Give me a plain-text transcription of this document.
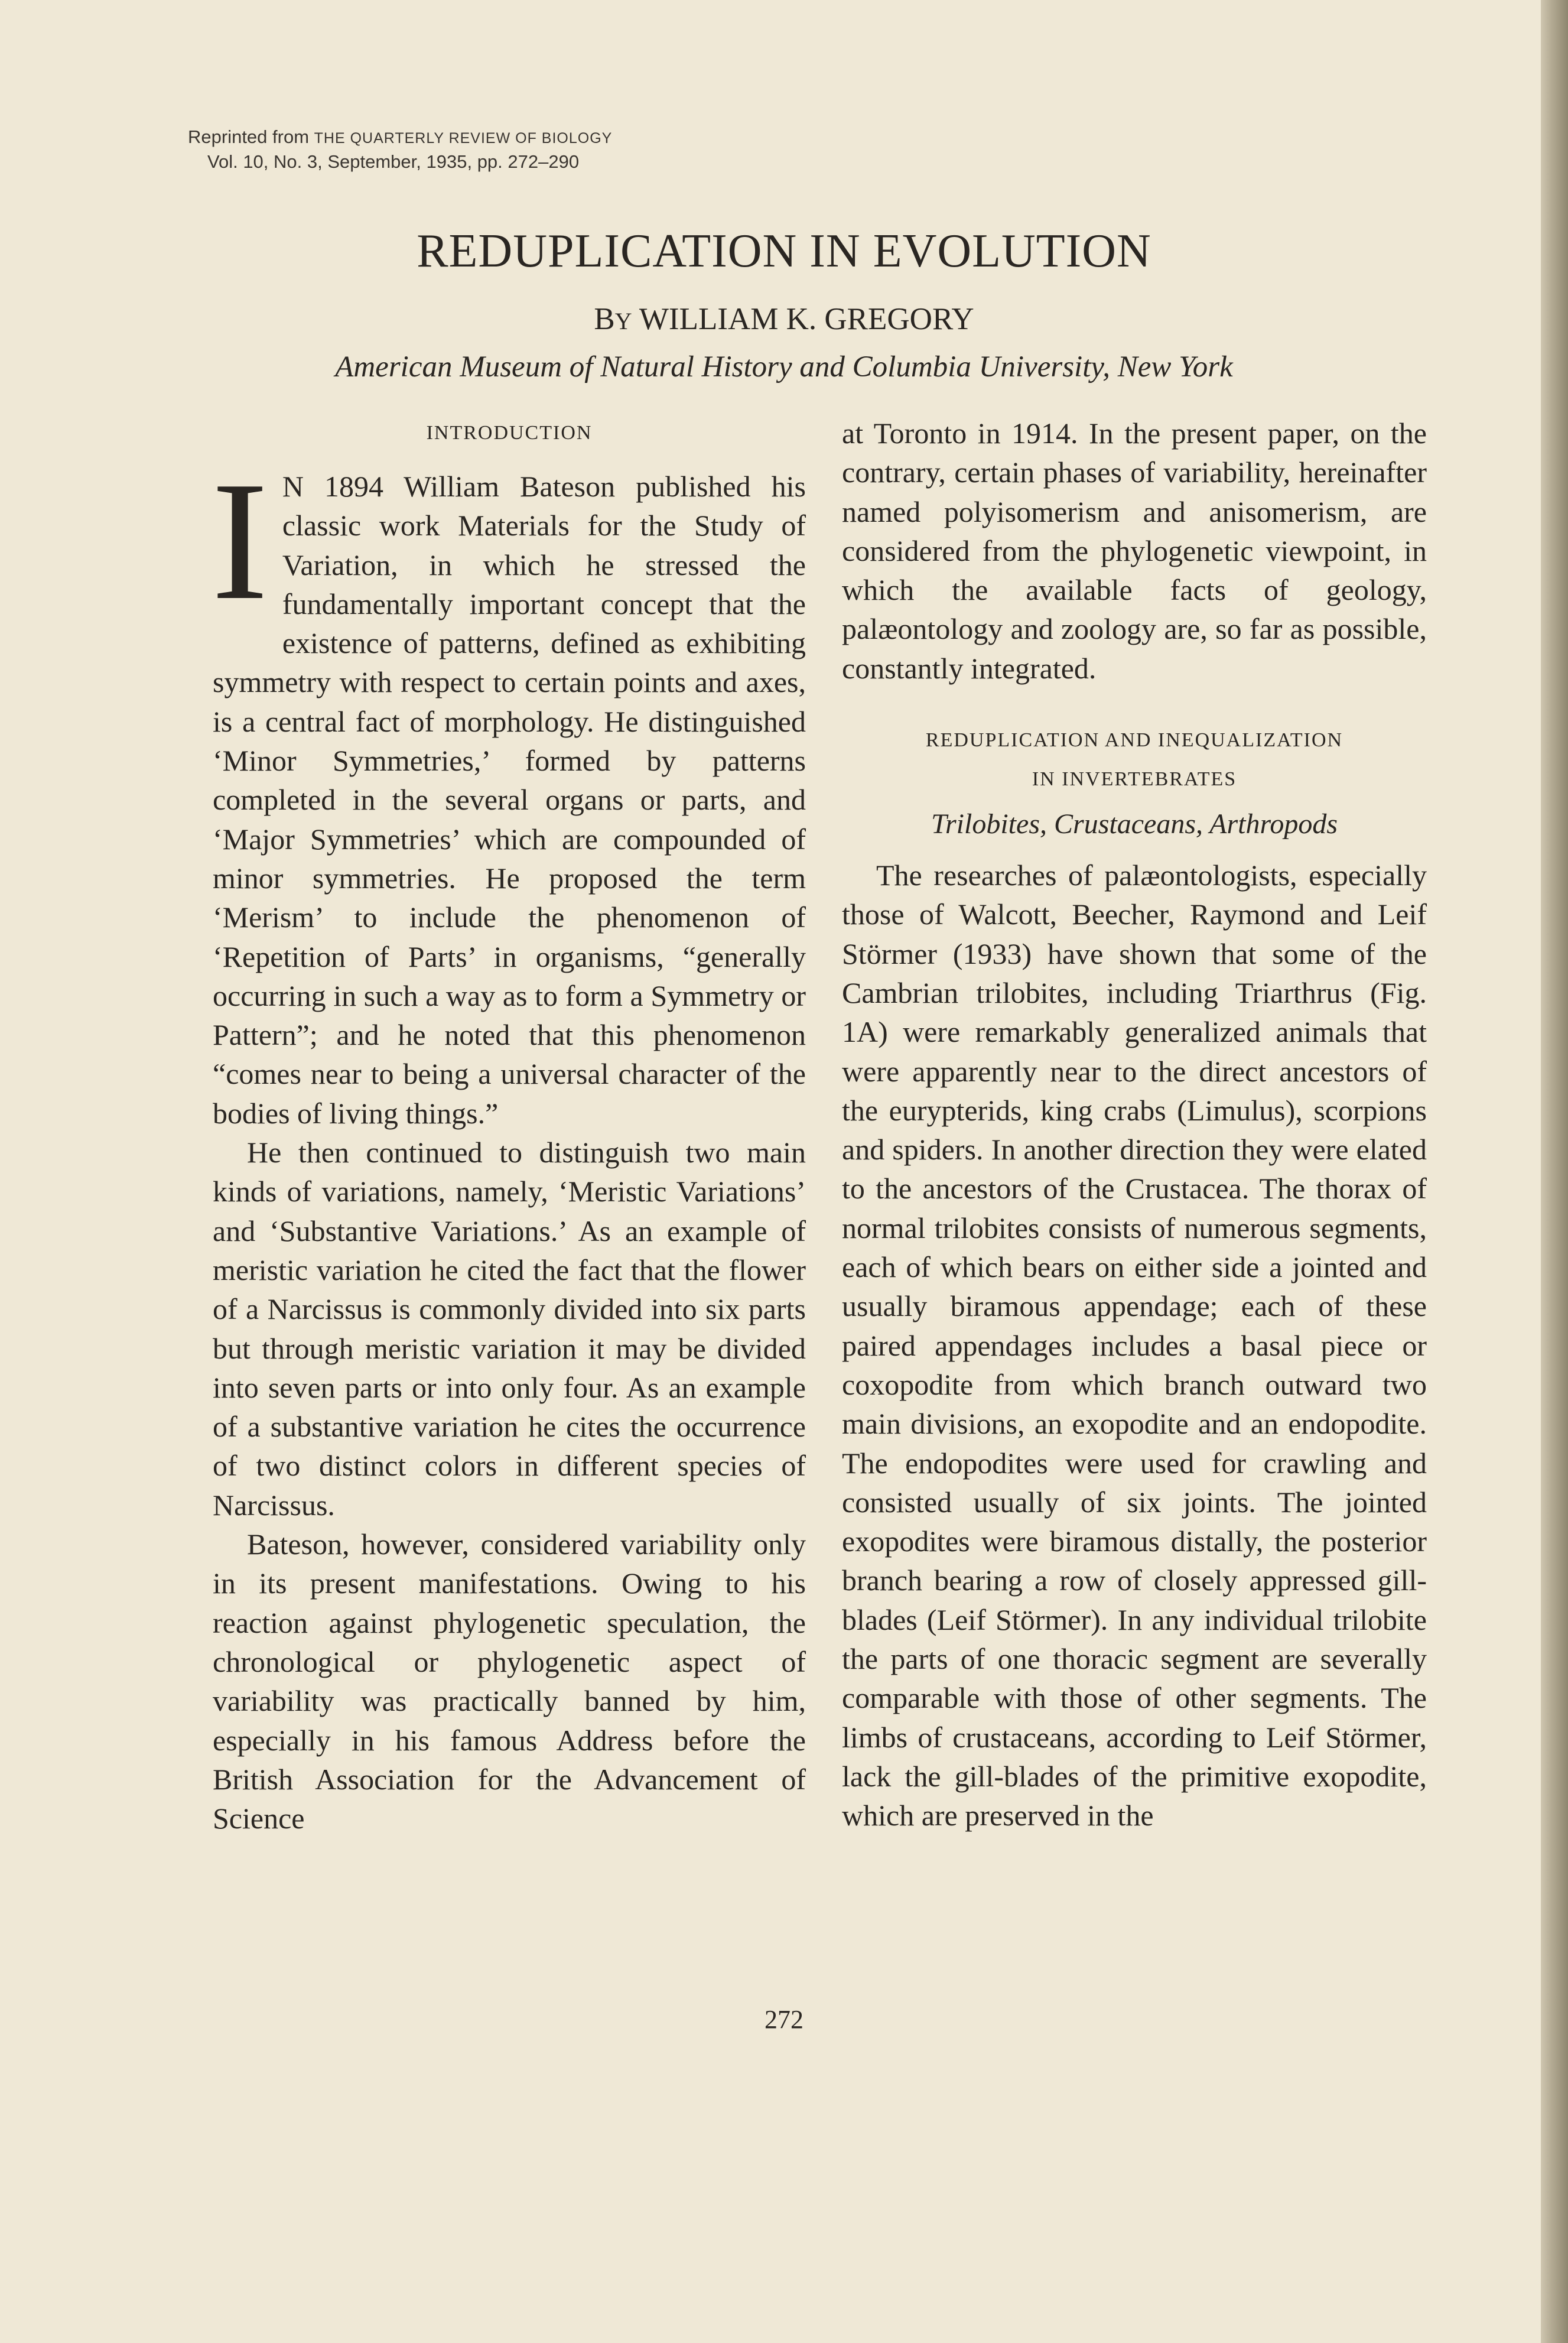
Reprinted from THE QUARTERLY REVIEW OF BIOLOGY
Vol. 10, No. 3, September, 1935, pp. 272–290
REDUPLICATION IN EVOLUTION
BY WILLIAM K. GREGORY
American Museum of Natural History and Columbia University, New York
INTRODUCTION

I N 1894 William Bateson published his classic work Materials for the Study of Variation, in which he stressed the fundamentally important concept that the existence of patterns, defined as exhibiting symmetry with respect to certain points and axes, is a central fact of morphology. He distinguished ‘Minor Symmetries,’ formed by patterns completed in the several organs or parts, and ‘Major Symmetries’ which are compounded of minor symmetries. He proposed the term ‘Merism’ to include the phenomenon of ‘Repetition of Parts’ in organisms, “generally occurring in such a way as to form a Symmetry or Pattern”; and he noted that this phenomenon “comes near to being a universal character of the bodies of living things.”

He then continued to distinguish two main kinds of variations, namely, ‘Meristic Variations’ and ‘Substantive Variations.’ As an example of meristic variation he cited the fact that the flower of a Narcissus is commonly divided into six parts but through meristic variation it may be divided into seven parts or into only four. As an example of a substantive variation he cites the occurrence of two distinct colors in different species of Narcissus.

Bateson, however, considered variability only in its present manifestations. Owing to his reaction against phylogenetic speculation, the chronological or phylogenetic aspect of variability was practically banned by him, especially in his famous Address before the British Association for the Advancement of Science

at Toronto in 1914. In the present paper, on the contrary, certain phases of variability, hereinafter named polyisomerism and anisomerism, are considered from the phylogenetic viewpoint, in which the available facts of geology, palæontology and zoology are, so far as possible, constantly integrated.

REDUPLICATION AND INEQUALIZATION
IN INVERTEBRATES
Trilobites, Crustaceans, Arthropods

The researches of palæontologists, especially those of Walcott, Beecher, Raymond and Leif Störmer (1933) have shown that some of the Cambrian trilobites, including Triarthrus (Fig. 1A) were remarkably generalized animals that were apparently near to the direct ancestors of the eurypterids, king crabs (Limulus), scorpions and spiders. In another direction they were elated to the ancestors of the Crustacea. The thorax of normal trilobites consists of numerous segments, each of which bears on either side a jointed and usually biramous appendage; each of these paired appendages includes a basal piece or coxopodite from which branch outward two main divisions, an exopodite and an endopodite. The endopodites were used for crawling and consisted usually of six joints. The jointed exopodites were biramous distally, the posterior branch bearing a row of closely appressed gill-blades (Leif Störmer). In any individual trilobite the parts of one thoracic segment are severally comparable with those of other segments. The limbs of crustaceans, according to Leif Störmer, lack the gill-blades of the primitive exopodite, which are preserved in the

272
